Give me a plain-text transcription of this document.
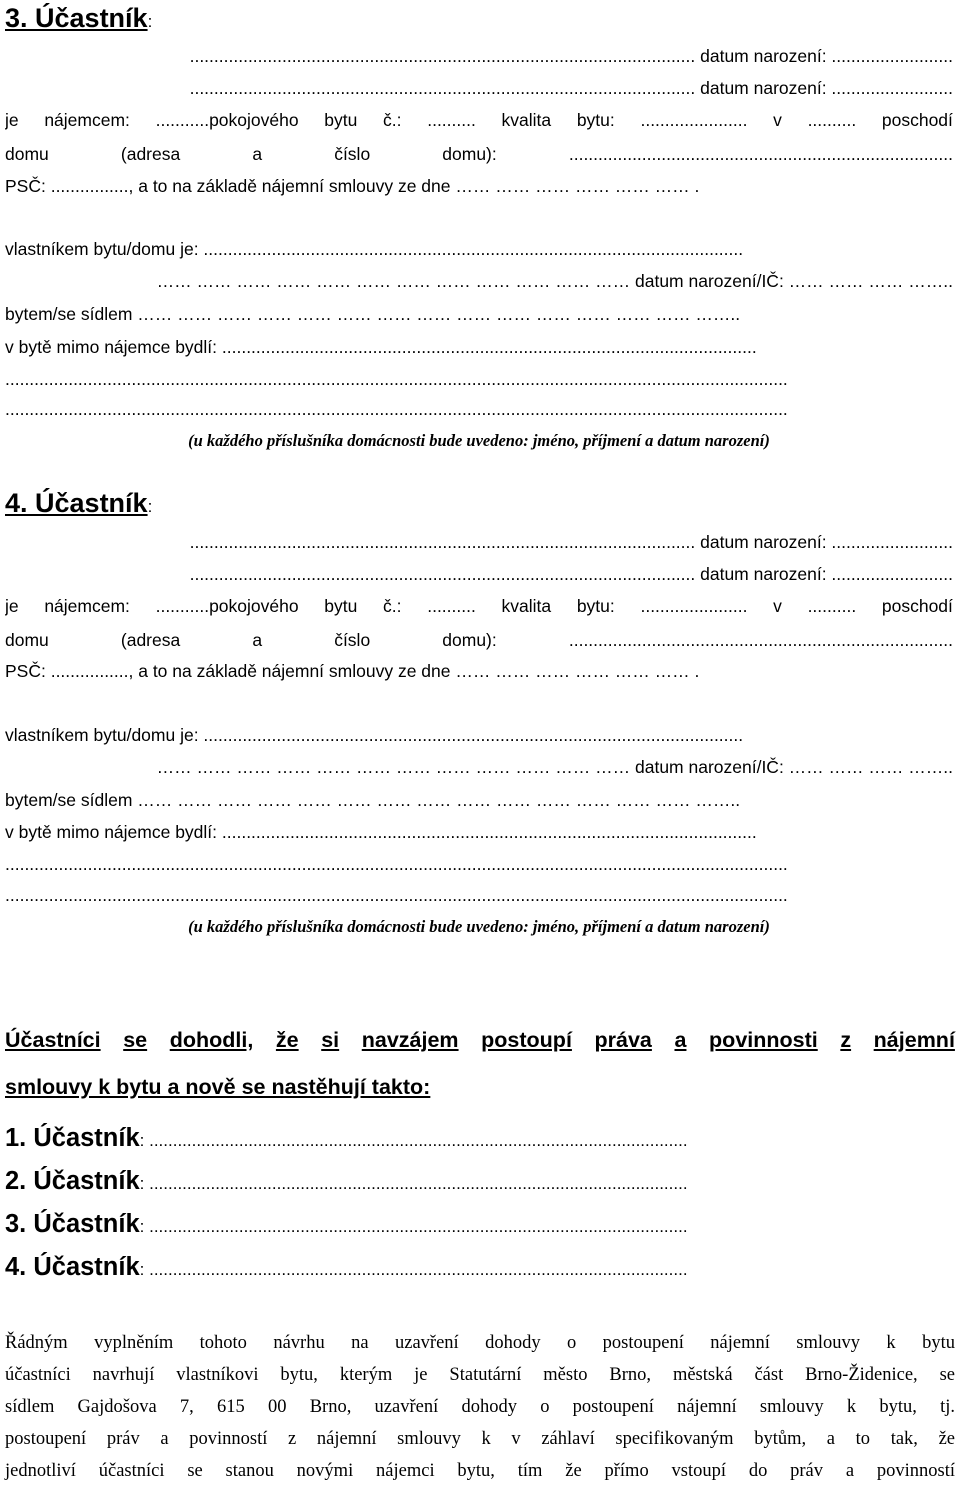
3. Účastník:
........................................................................................................ datum narození: .........................
........................................................................................................ datum narození: .........................
je nájemcem: ...........pokojového bytu č.: .......... kvalita bytu: ...................... v .......... poschodí
domu	(adresa	a	číslo	domu):	...............................................................................
PSČ: ................, a to na základě nájemní smlouvy ze dne …… …… …… …… …… …… .
vlastníkem bytu/domu je: ...............................................................................................................
…… …… …… …… …… …… …… …… …… …… …… …… datum narození/IČ: …… …… …… ……..
bytem/se sídlem …… …… …… …… …… …… …… …… …… …… …… …… …… …… ……..
v bytě mimo nájemce bydlí: ..............................................................................................................
.................................................................................................................................................................
.................................................................................................................................................................
(u každého příslušníka domácnosti bude uvedeno: jméno, příjmení a datum narození)
4. Účastník:
........................................................................................................ datum narození: .........................
........................................................................................................ datum narození: .........................
je nájemcem: ...........pokojového bytu č.: .......... kvalita bytu: ...................... v .......... poschodí
domu	(adresa	a	číslo	domu):	...............................................................................
PSČ: ................, a to na základě nájemní smlouvy ze dne …… …… …… …… …… …… .
vlastníkem bytu/domu je: ...............................................................................................................
…… …… …… …… …… …… …… …… …… …… …… …… datum narození/IČ: …… …… …… ……..
bytem/se sídlem …… …… …… …… …… …… …… …… …… …… …… …… …… …… ……..
v bytě mimo nájemce bydlí: ..............................................................................................................
.................................................................................................................................................................
.................................................................................................................................................................
(u každého příslušníka domácnosti bude uvedeno: jméno, příjmení a datum narození)
Účastníci se dohodli, že si navzájem postoupí práva a povinnosti z nájemní
smlouvy k bytu a nově se nastěhují takto:
1. Účastník: ..................................................................................................................
2. Účastník: ..................................................................................................................
3. Účastník: ..................................................................................................................
4. Účastník: ..................................................................................................................
Řádným vyplněním tohoto návrhu na uzavření dohody o postoupení nájemní smlouvy k bytu
účastníci navrhují vlastníkovi bytu, kterým je Statutární město Brno, městská část Brno-Židenice, se
sídlem Gajdošova 7, 615 00 Brno, uzavření dohody o postoupení nájemní smlouvy k bytu, tj.
postoupení práv a povinností z nájemní smlouvy k v záhlaví specifikovaným bytům, a to tak, že
jednotliví účastníci se stanou novými nájemci bytu, tím že přímo vstoupí do práv a povinností
